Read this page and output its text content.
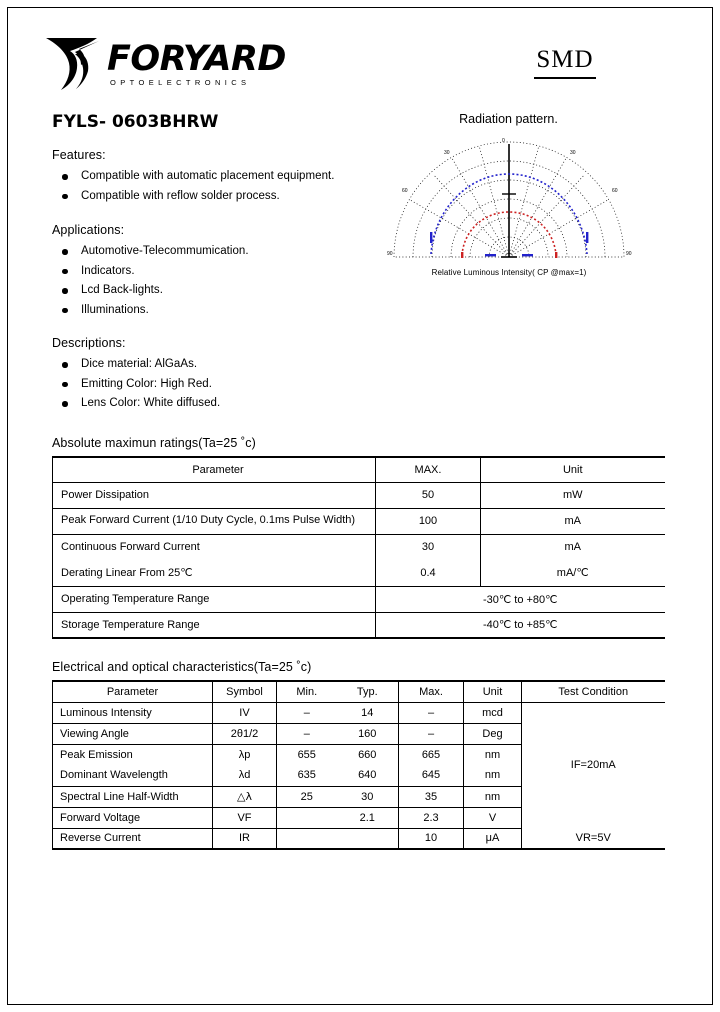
FORYARD
OPTOELECTRONICS
SMD
FYLS- 0603BHRW
Features:
Compatible with automatic placement equipment.
Compatible with reflow solder process.
Applications:
Automotive-Telecommumication.
Indicators.
Lcd Back-lights.
Illuminations.
Descriptions:
Dice material: AlGaAs.
Emitting Color: High Red.
Lens Color: White diffused.
Radiation pattern.
0
30	30
60	60
90	90
Relative Luminous Intensity( CP @max=1)
Absolute maximun ratings(Ta=25 ˚c)
Parameter	MAX.	Unit
Power Dissipation	50	mW

Peak Forward Current (1/10 Duty Cycle, 0.1ms Pulse Width)	100	mA
Continuous Forward Current	30	mA
Derating Linear From 25℃	0.4	mA/℃
Operating Temperature Range	-30℃ to +80℃	
Storage Temperature Range	-40℃ to +85℃	
Electrical and optical characteristics(Ta=25 ˚c)
Parameter	Symbol	Min.	Typ.	Max.	Unit	Test Condition
Luminous Intensity	IV	–	14	–	mcd	IF=20mA
Viewing Angle	2θ1/2	–	160	–	Deg	
Peak Emission	λp	655	660	665	nm	
Dominant Wavelength	λd	635	640	645	nm	
Spectral Line Half-Width	△λ	25	30	35	nm	
Forward Voltage	VF		2.1	2.3	V	
Reverse Current	IR			10	μA	VR=5V
